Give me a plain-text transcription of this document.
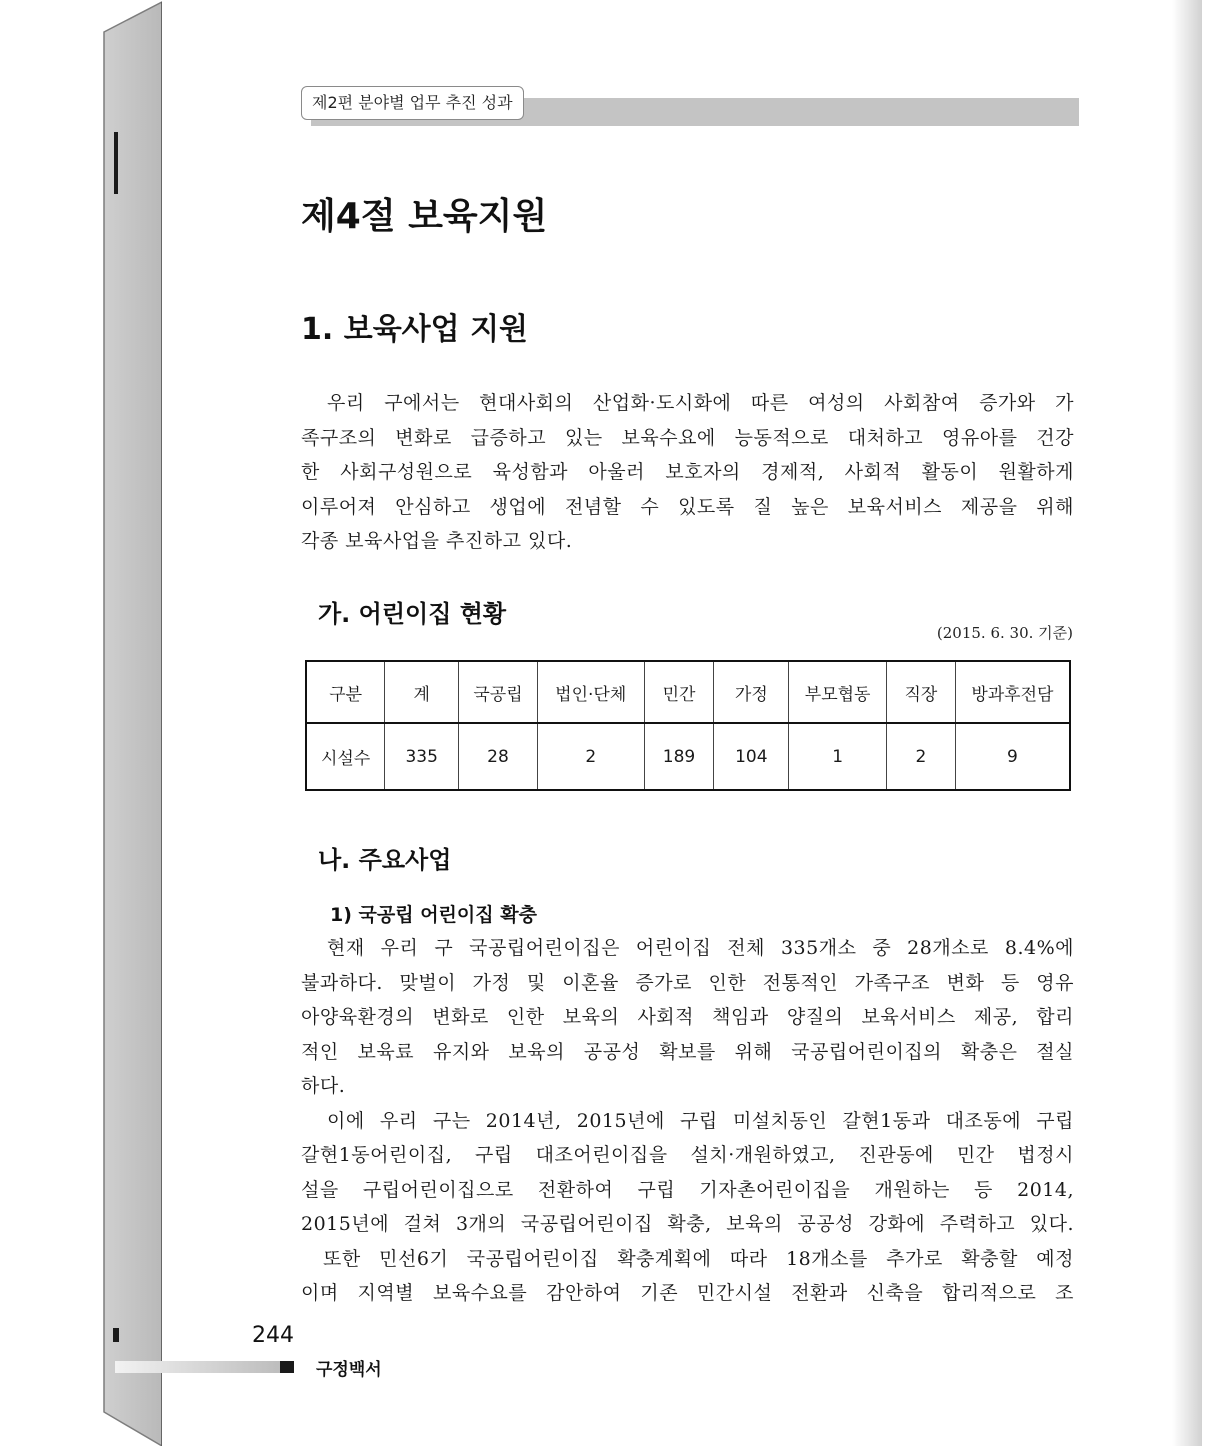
제2편 분야별 업무 추진 성과
제4절 보육지원
1. 보육사업 지원
우리 구에서는 현대사회의 산업화·도시화에 따른 여성의 사회참여 증가와 가
족구조의 변화로 급증하고 있는 보육수요에 능동적으로 대처하고 영유아를 건강
한 사회구성원으로 육성함과 아울러 보호자의 경제적, 사회적 활동이 원활하게
이루어져 안심하고 생업에 전념할 수 있도록 질 높은 보육서비스 제공을 위해
각종 보육사업을 추진하고 있다.
가. 어린이집 현황
(2015. 6. 30. 기준)
구분	계	국공립	법인·단체	민간	가정	부모협동	직장	방과후전담
시설수	335	28	2	189	104	1	2	9
나. 주요사업
1) 국공립 어린이집 확충
현재 우리 구 국공립어린이집은 어린이집 전체 335개소 중 28개소로 8.4%에
불과하다. 맞벌이 가정 및 이혼율 증가로 인한 전통적인 가족구조 변화 등 영유
아양육환경의 변화로 인한 보육의 사회적 책임과 양질의 보육서비스 제공, 합리
적인 보육료 유지와 보육의 공공성 확보를 위해 국공립어린이집의 확충은 절실
하다.
이에 우리 구는 2014년, 2015년에 구립 미설치동인 갈현1동과 대조동에 구립
갈현1동어린이집, 구립 대조어린이집을 설치·개원하였고, 진관동에 민간 법정시
설을 구립어린이집으로 전환하여 구립 기자촌어린이집을 개원하는 등 2014,
2015년에 걸쳐 3개의 국공립어린이집 확충, 보육의 공공성 강화에 주력하고 있다.
또한 민선6기 국공립어린이집 확충계획에 따라 18개소를 추가로 확충할 예정
이며 지역별 보육수요를 감안하여 기존 민간시설 전환과 신축을 합리적으로 조
244
구정백서
